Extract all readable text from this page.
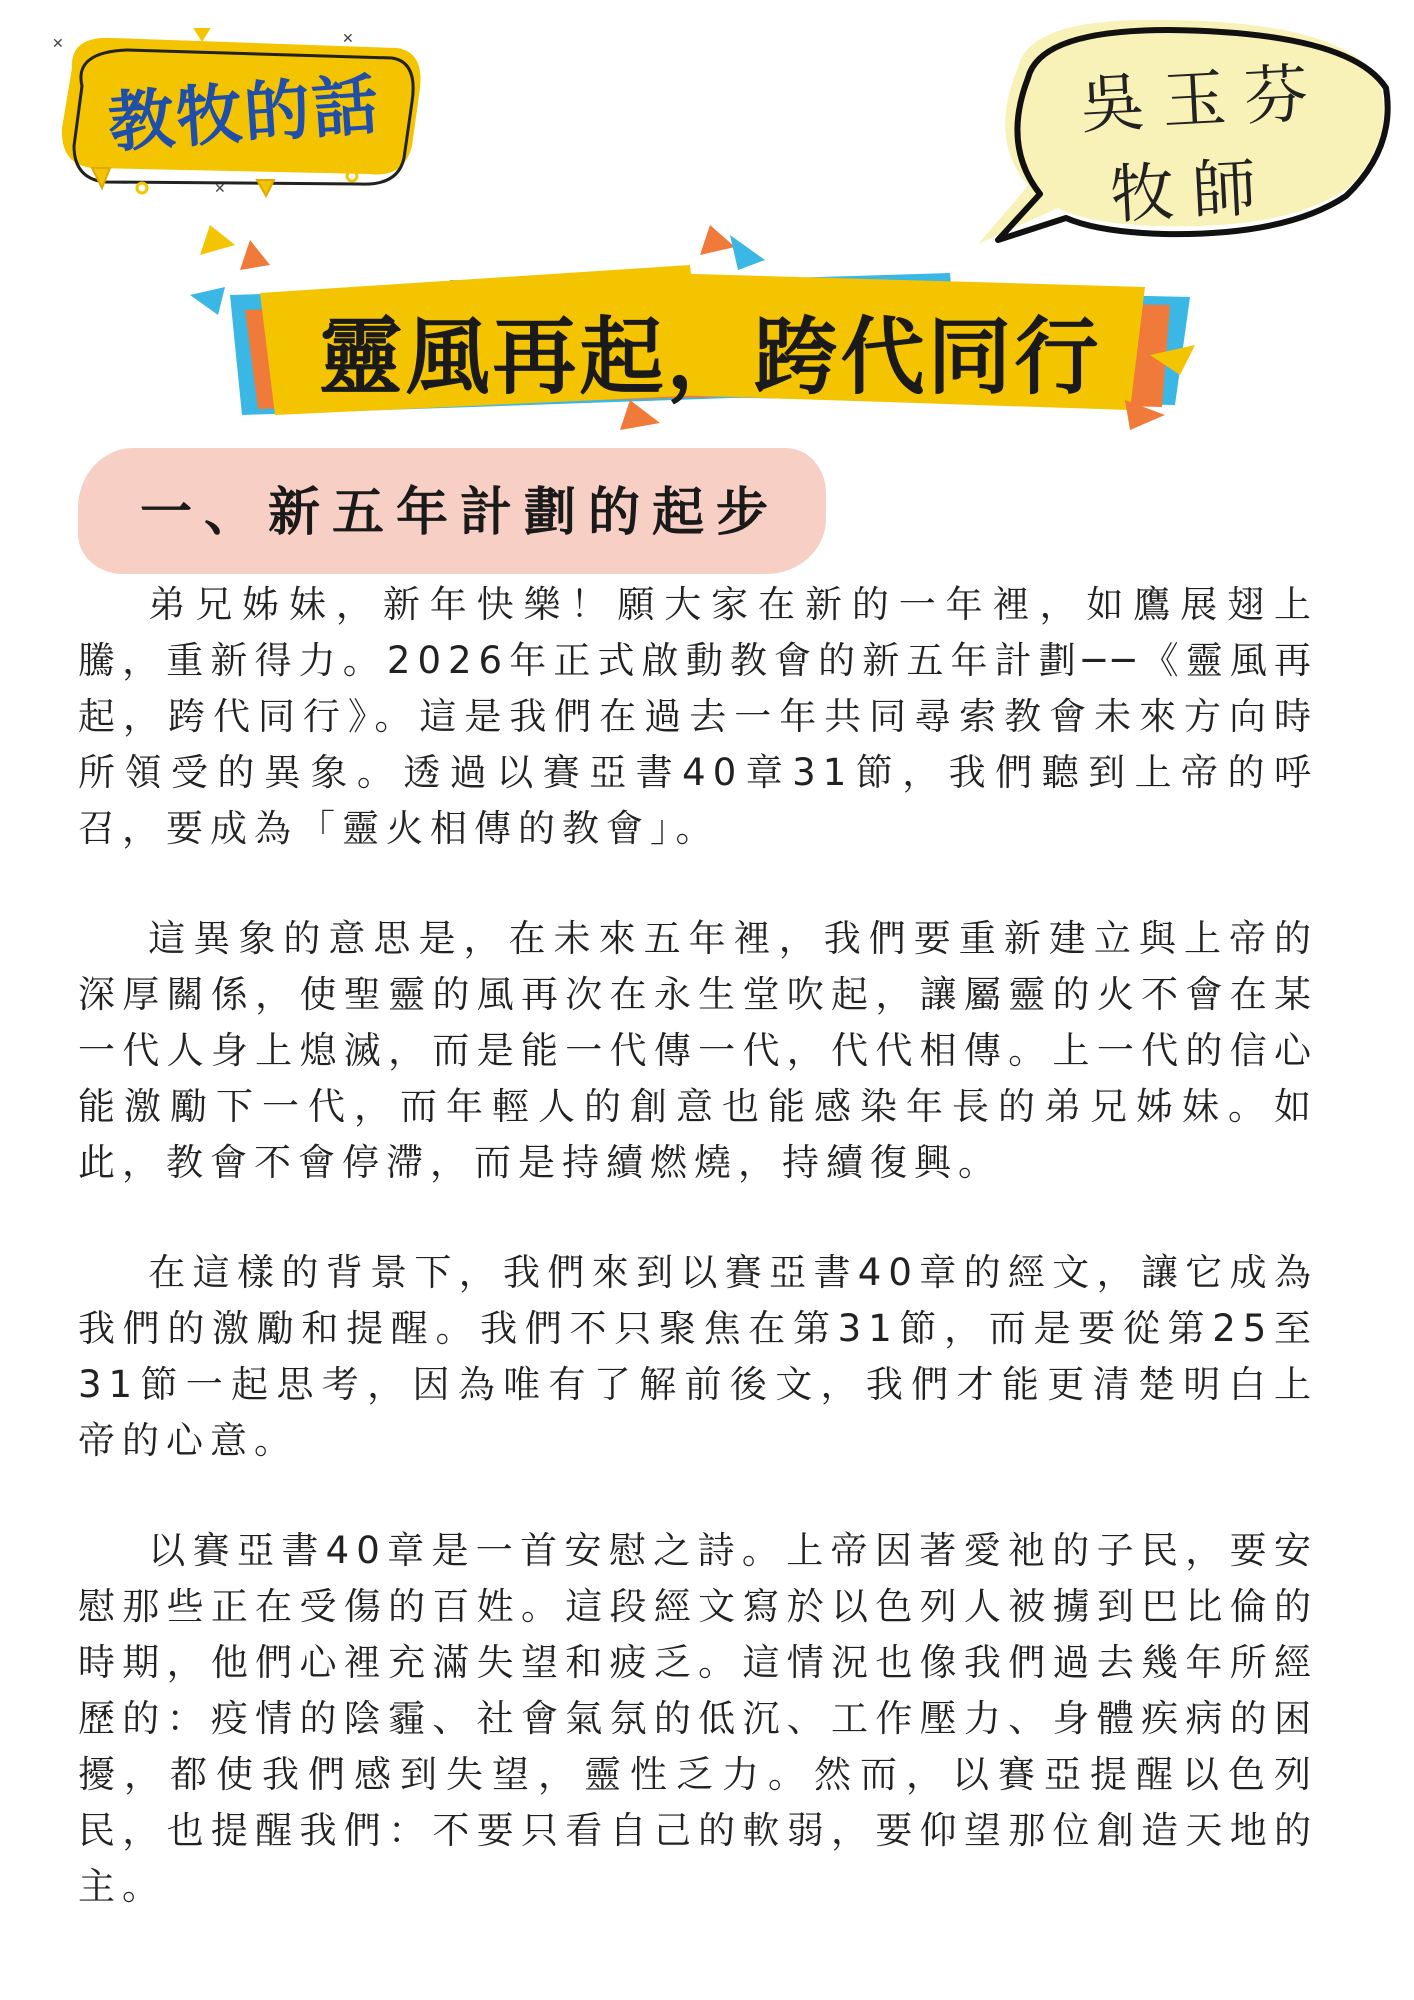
✕	✕
✕
教牧的話	吳玉芬
牧師
靈風再起，跨代同行
一、新五年計劃的起步

弟兄姊妹，新年快樂！願大家在新的一年裡，如鷹展翅上騰，重新得力。2026年正式啟動教會的新五年計劃──《靈風再起，跨代同行》。這是我們在過去一年共同尋索教會未來方向時所領受的異象。透過以賽亞書40章31節，我們聽到上帝的呼召，要成為「靈火相傳的教會」。

這異象的意思是，在未來五年裡，我們要重新建立與上帝的深厚關係，使聖靈的風再次在永生堂吹起，讓屬靈的火不會在某一代人身上熄滅，而是能一代傳一代，代代相傳。上一代的信心能激勵下一代，而年輕人的創意也能感染年長的弟兄姊妹。如此，教會不會停滯，而是持續燃燒，持續復興。

在這樣的背景下，我們來到以賽亞書40章的經文，讓它成為我們的激勵和提醒。我們不只聚焦在第31節，而是要從第25至31節一起思考，因為唯有了解前後文，我們才能更清楚明白上帝的心意。

以賽亞書40章是一首安慰之詩。上帝因著愛祂的子民，要安慰那些正在受傷的百姓。這段經文寫於以色列人被擄到巴比倫的時期，他們心裡充滿失望和疲乏。這情況也像我們過去幾年所經歷的：疫情的陰霾、社會氣氛的低沉、工作壓力、身體疾病的困擾，都使我們感到失望，靈性乏力。然而，以賽亞提醒以色列民，也提醒我們：不要只看自己的軟弱，要仰望那位創造天地的主。
